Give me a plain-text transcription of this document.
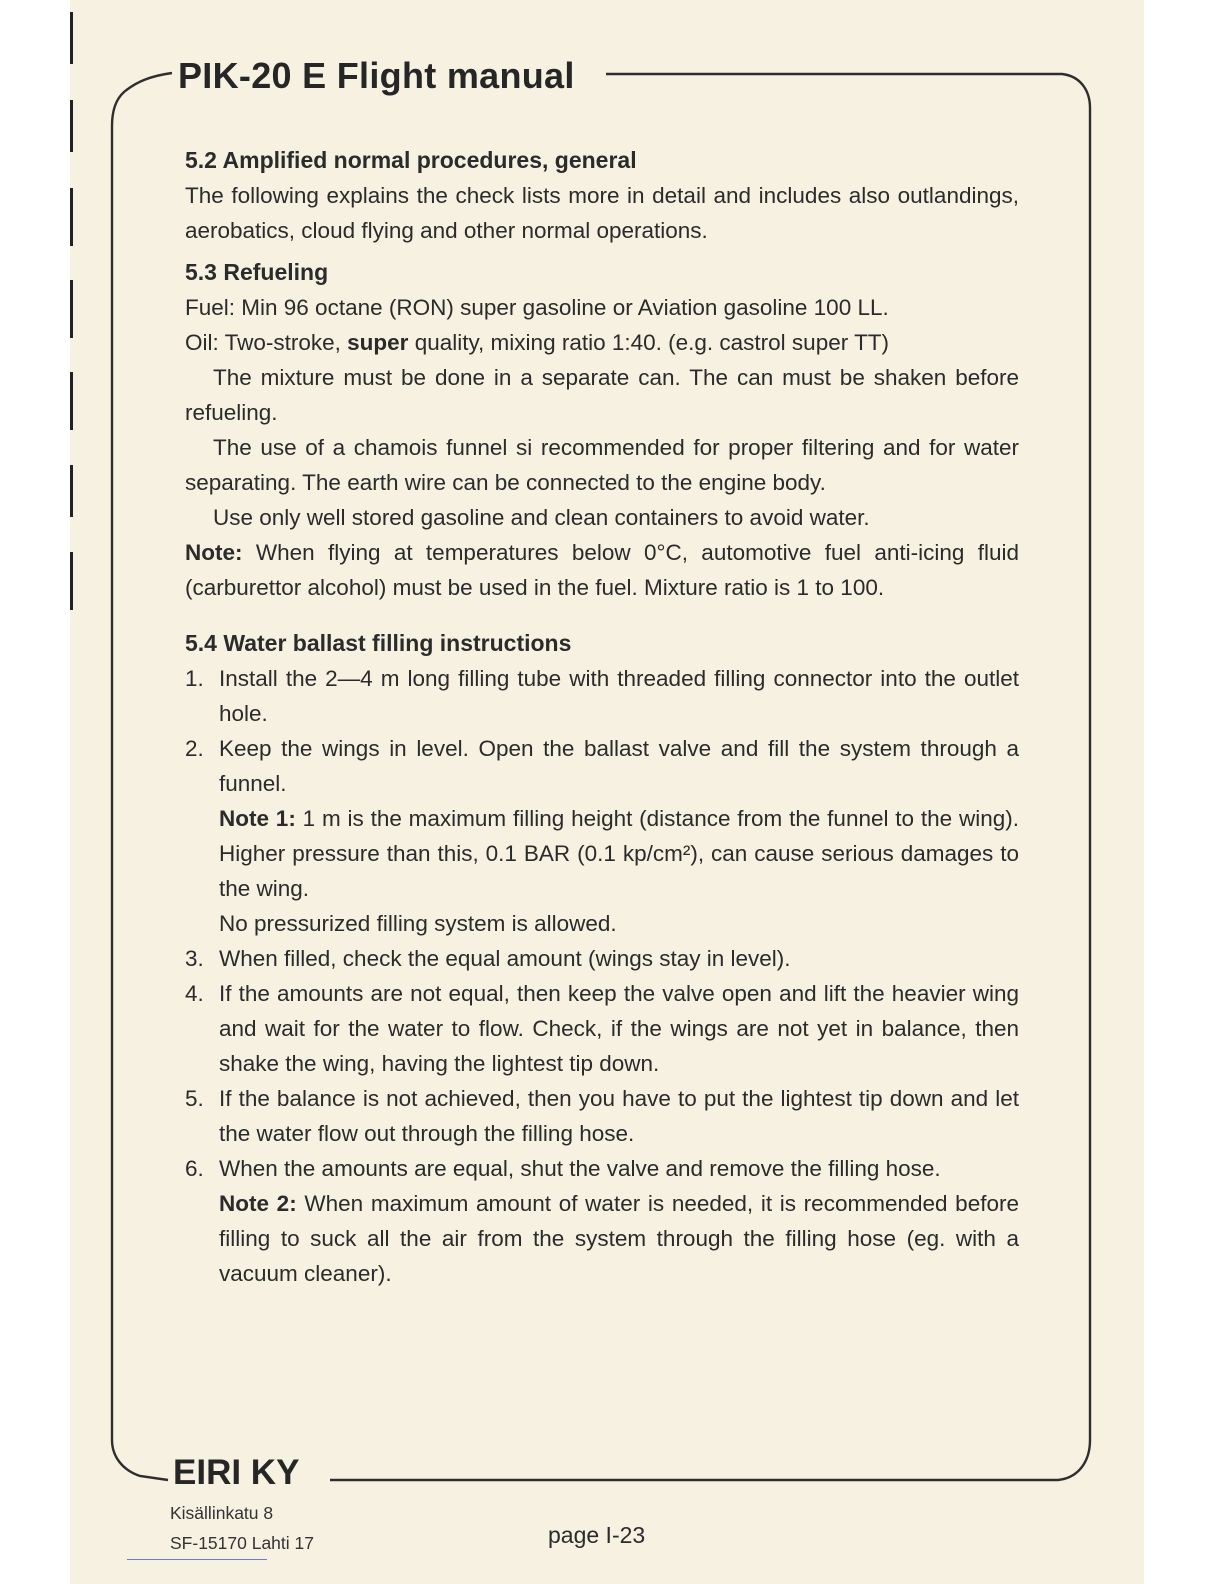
PIK-20 E Flight manual
5.2 Amplified normal procedures, general

The following explains the check lists more in detail and includes also outlandings, aerobatics, cloud flying and other normal operations.

5.3 Refueling

Fuel: Min 96 octane (RON) super gasoline or Aviation gasoline 100 LL.

Oil: Two-stroke, super quality, mixing ratio 1:40. (e.g. castrol super TT)

The mixture must be done in a separate can. The can must be shaken before refueling.

The use of a chamois funnel si recommended for proper filtering and for water separating. The earth wire can be connected to the engine body.

Use only well stored gasoline and clean containers to avoid water.

Note: When flying at temperatures below 0°C, automotive fuel anti-icing fluid (carburettor alcohol) must be used in the fuel. Mixture ratio is 1 to 100.

5.4 Water ballast filling instructions
1. Install the 2—4 m long filling tube with threaded filling connector into the outlet hole.

2. Keep the wings in level. Open the ballast valve and fill the system through a funnel.

Note 1: 1 m is the maximum filling height (distance from the funnel to the wing). Higher pressure than this, 0.1 BAR (0.1 kp/cm²), can cause serious damages to the wing.

No pressurized filling system is allowed.

3. When filled, check the equal amount (wings stay in level).

4. If the amounts are not equal, then keep the valve open and lift the heavier wing and wait for the water to flow. Check, if the wings are not yet in balance, then shake the wing, having the lightest tip down.

5. If the balance is not achieved, then you have to put the lightest tip down and let the water flow out through the filling hose.

6. When the amounts are equal, shut the valve and remove the filling hose.

Note 2: When maximum amount of water is needed, it is recommended before filling to suck all the air from the system through the filling hose (eg. with a vacuum cleaner).

EIRI KY
Kisällinkatu 8
SF-15170 Lahti 17	page I-23
